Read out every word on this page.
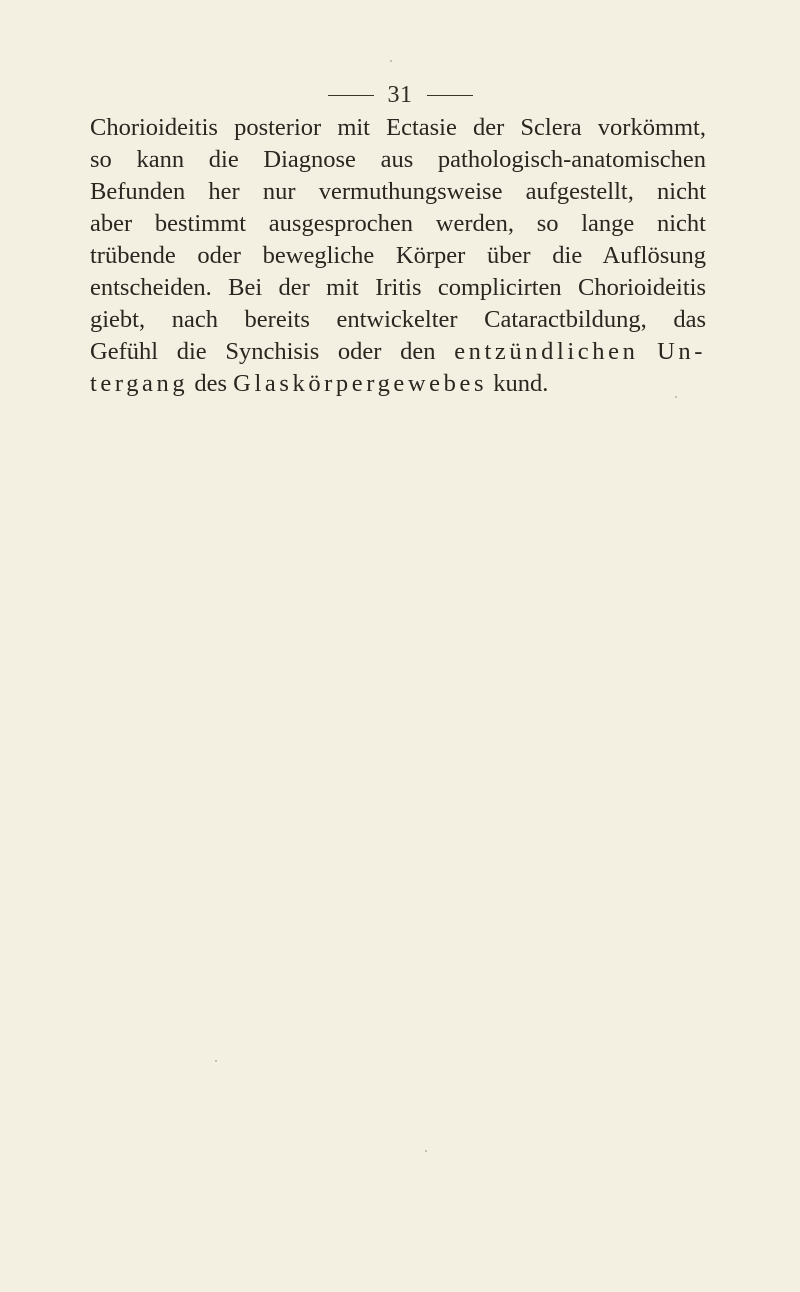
31
Chorioideitis posterior mit Ectasie der Sclera vorkömmt,
so kann die Diagnose aus pathologisch-anatomischen
Befunden her nur vermuthungsweise aufgestellt, nicht
aber bestimmt ausgesprochen werden, so lange nicht
trübende oder bewegliche Körper über die Auflösung
entscheiden. Bei der mit Iritis complicirten Chorioideitis
giebt, nach bereits entwickelter Cataractbildung, das
Gefühl die Synchisis oder den entzündlichen Un-
tergang des Glaskörpergewebes kund.
